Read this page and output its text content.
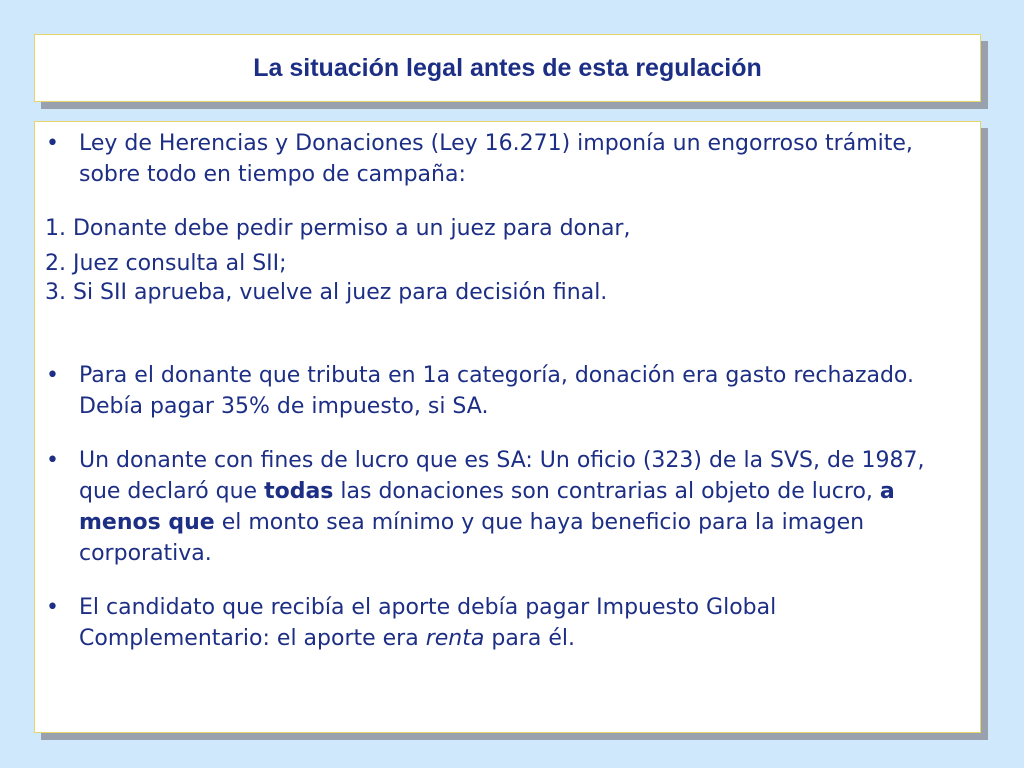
La situación legal antes de esta regulación
• Ley de Herencias y Donaciones (Ley 16.271) imponía un engorroso trámite, sobre todo en tiempo de campaña:
1. Donante debe pedir permiso a un juez para donar,
2. Juez consulta al SII;
3. Si SII aprueba, vuelve al juez para decisión final.
• Para el donante que tributa en 1a categoría, donación era gasto rechazado. Debía pagar 35% de impuesto, si SA.
• Un donante con fines de lucro que es SA: Un oficio (323) de la SVS, de 1987, que declaró que todas las donaciones son contrarias al objeto de lucro, a menos que el monto sea mínimo y que haya beneficio para la imagen corporativa.
• El candidato que recibía el aporte debía pagar Impuesto Global Complementario: el aporte era renta para él.
